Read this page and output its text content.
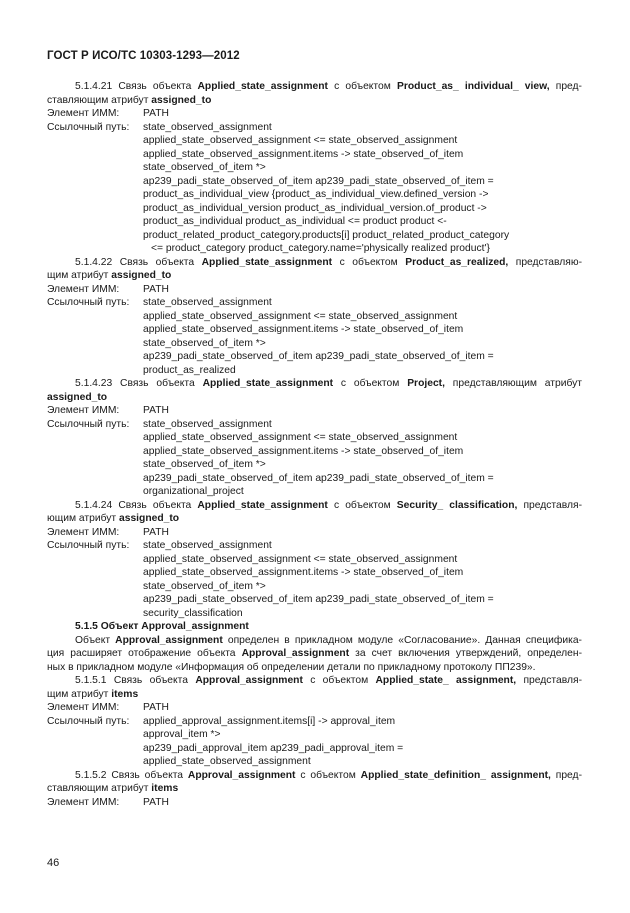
ГОСТ Р ИСО/ТС 10303-1293—2012
5.1.4.21 Связь объекта Applied_state_assignment с объектом Product_as_ individual_ view, пред-
ставляющим атрибут assigned_to
Элемент ИММ:	PATH
Ссылочный путь:	state_observed_assignment
applied_state_observed_assignment <= state_observed_assignment
applied_state_observed_assignment.items -> state_observed_of_item
state_observed_of_item *>
ap239_padi_state_observed_of_item ap239_padi_state_observed_of_item =
product_as_individual_view {product_as_individual_view.defined_version ->
product_as_individual_version product_as_individual_version.of_product ->
product_as_individual product_as_individual <= product product <-
product_related_product_category.products[i] product_related_product_category
<= product_category product_category.name='physically realized product'}
5.1.4.22 Связь объекта Applied_state_assignment с объектом Product_as_realized, представляю-
щим атрибут assigned_to
Элемент ИММ:	PATH
Ссылочный путь:	state_observed_assignment
applied_state_observed_assignment <= state_observed_assignment
applied_state_observed_assignment.items -> state_observed_of_item
state_observed_of_item *>
ap239_padi_state_observed_of_item ap239_padi_state_observed_of_item =
product_as_realized
5.1.4.23 Связь объекта Applied_state_assignment с объектом Project, представляющим атрибут
assigned_to
Элемент ИММ:	PATH
Ссылочный путь:	state_observed_assignment
applied_state_observed_assignment <= state_observed_assignment
applied_state_observed_assignment.items -> state_observed_of_item
state_observed_of_item *>
ap239_padi_state_observed_of_item ap239_padi_state_observed_of_item =
organizational_project
5.1.4.24 Связь объекта Applied_state_assignment с объектом Security_ classification, представля-
ющим атрибут assigned_to
Элемент ИММ:	PATH
Ссылочный путь:	state_observed_assignment
applied_state_observed_assignment <= state_observed_assignment
applied_state_observed_assignment.items -> state_observed_of_item
state_observed_of_item *>
ap239_padi_state_observed_of_item ap239_padi_state_observed_of_item =
security_classification
5.1.5 Объект Approval_assignment
Объект Approval_assignment определен в прикладном модуле «Согласование». Данная специфика-
ция расширяет отображение объекта Approval_assignment за счет включения утверждений, определен-
ных в прикладном модуле «Информация об определении детали по прикладному протоколу ПП239».
5.1.5.1 Связь объекта Approval_assignment с объектом Applied_state_ assignment, представля-
щим атрибут items
Элемент ИММ:	PATH
Ссылочный путь:	applied_approval_assignment.items[i] -> approval_item
approval_item *>
ap239_padi_approval_item ap239_padi_approval_item =
applied_state_observed_assignment
5.1.5.2 Связь объекта Approval_assignment с объектом Applied_state_definition_ assignment, пред-
ставляющим атрибут items
Элемент ИММ:	PATH
46
